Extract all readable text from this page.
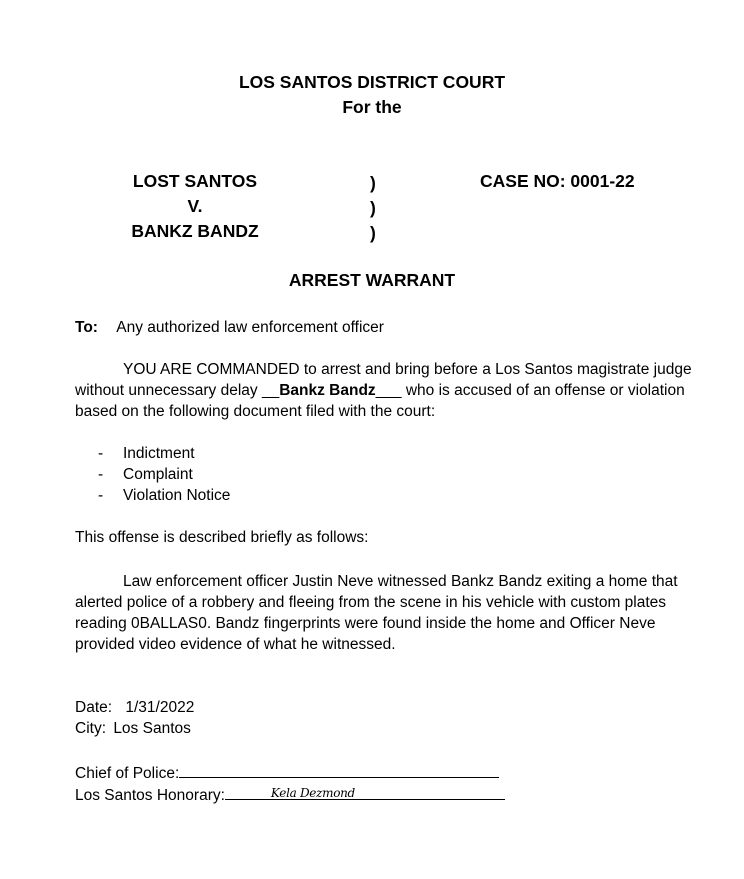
LOS SANTOS DISTRICT COURT
For the
LOST SANTOS
V.
BANKZ BANDZ
)
)
)
CASE NO: 0001-22
ARREST WARRANT
To: Any authorized law enforcement officer
YOU ARE COMMANDED to arrest and bring before a Los Santos magistrate judge without unnecessary delay __Bankz Bandz___ who is accused of an offense or violation based on the following document filed with the court:
- Indictment
- Complaint
- Violation Notice
This offense is described briefly as follows:
Law enforcement officer Justin Neve witnessed Bankz Bandz exiting a home that alerted police of a robbery and fleeing from the scene in his vehicle with custom plates reading 0BALLAS0. Bandz fingerprints were found inside the home and Officer Neve provided video evidence of what he witnessed.
Date: 1/31/2022
City: Los Santos
Chief of Police:
Los Santos Honorary:	Kela Dezmond
